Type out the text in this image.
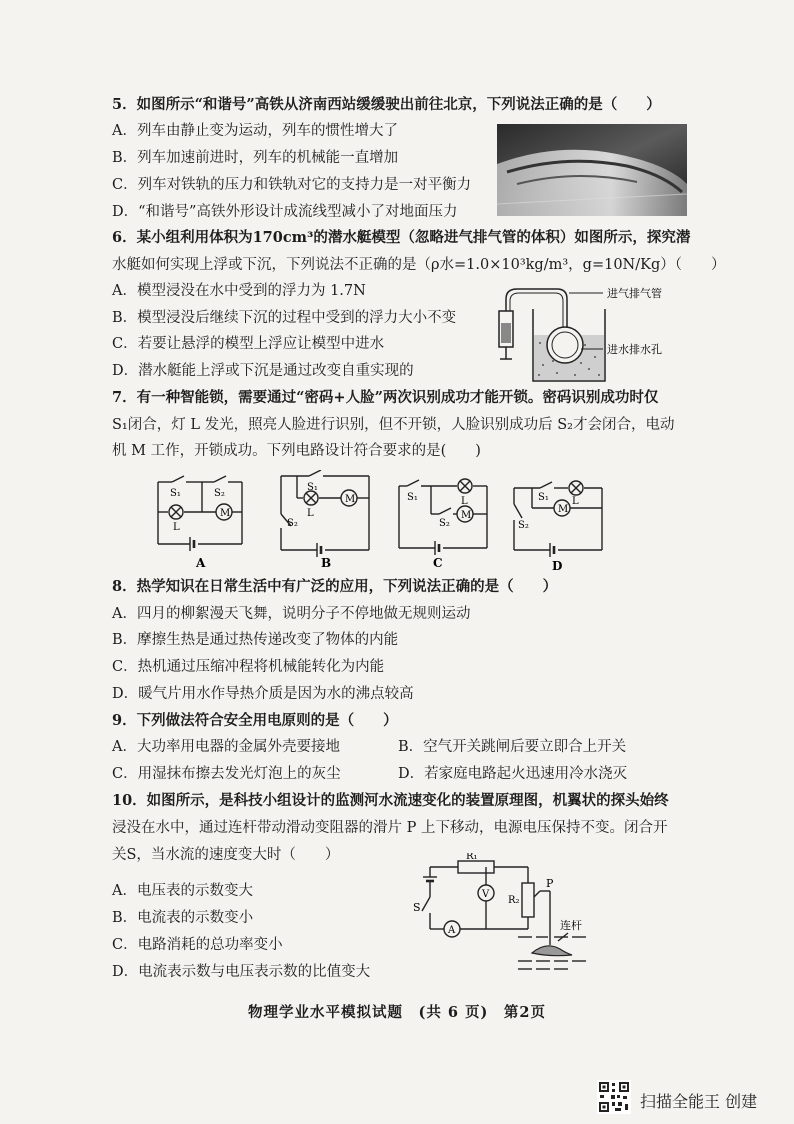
5．如图所示“和谐号”高铁从济南西站缓缓驶出前往北京，下列说法正确的是（　　）
A．列车由静止变为运动，列车的惯性增大了
B．列车加速前进时，列车的机械能一直增加
C．列车对铁轨的压力和铁轨对它的支持力是一对平衡力
D．“和谐号”高铁外形设计成流线型减小了对地面压力
6．某小组利用体积为170cm³的潜水艇模型（忽略进气排气管的体积）如图所示，探究潜
水艇如何实现上浮或下沉，下列说法不正确的是（ρ水=1.0×10³kg/m³，g=10N/Kg）（　　）
A．模型浸没在水中受到的浮力为 1.7N
B．模型浸没后继续下沉的过程中受到的浮力大小不变
C．若要让悬浮的模型上浮应让模型中进水
D．潜水艇能上浮或下沉是通过改变自重实现的
进气排气管
进水排水孔
7．有一种智能锁，需要通过“密码+人脸”两次识别成功才能开锁。密码识别成功时仅
S₁闭合，灯 L 发光，照亮人脸进行识别，但不开锁，人脸识别成功后 S₂才会闭合，电动
机 M 工作，开锁成功。下列电路设计符合要求的是(　　)
S₁	S₂
L
M
A
S₁
S₂
L
M
B
S₁
S₂
L
M
C
S₁
S₂
L
M
D
8．热学知识在日常生活中有广泛的应用，下列说法正确的是（　　）
A．四月的柳絮漫天飞舞，说明分子不停地做无规则运动
B．摩擦生热是通过热传递改变了物体的内能
C．热机通过压缩冲程将机械能转化为内能
D．暖气片用水作导热介质是因为水的沸点较高
9．下列做法符合安全用电原则的是（　　）
A．大功率用电器的金属外壳要接地	B．空气开关跳闸后要立即合上开关
C．用湿抹布擦去发光灯泡上的灰尘	D．若家庭电路起火迅速用冷水浇灭
10．如图所示，是科技小组设计的监测河水流速变化的装置原理图，机翼状的探头始终
浸没在水中，通过连杆带动滑动变阻器的滑片 P 上下移动，电源电压保持不变。闭合开
关S，当水流的速度变大时（　　）
A．电压表的示数变大
B．电流表的示数变小
C．电路消耗的总功率变小
D．电流表示数与电压表示数的比值变大
R₁
R₂
P
S
V
A	连杆
物理学业水平模拟试题　(共 6 页)　第2页
扫描全能王 创建
